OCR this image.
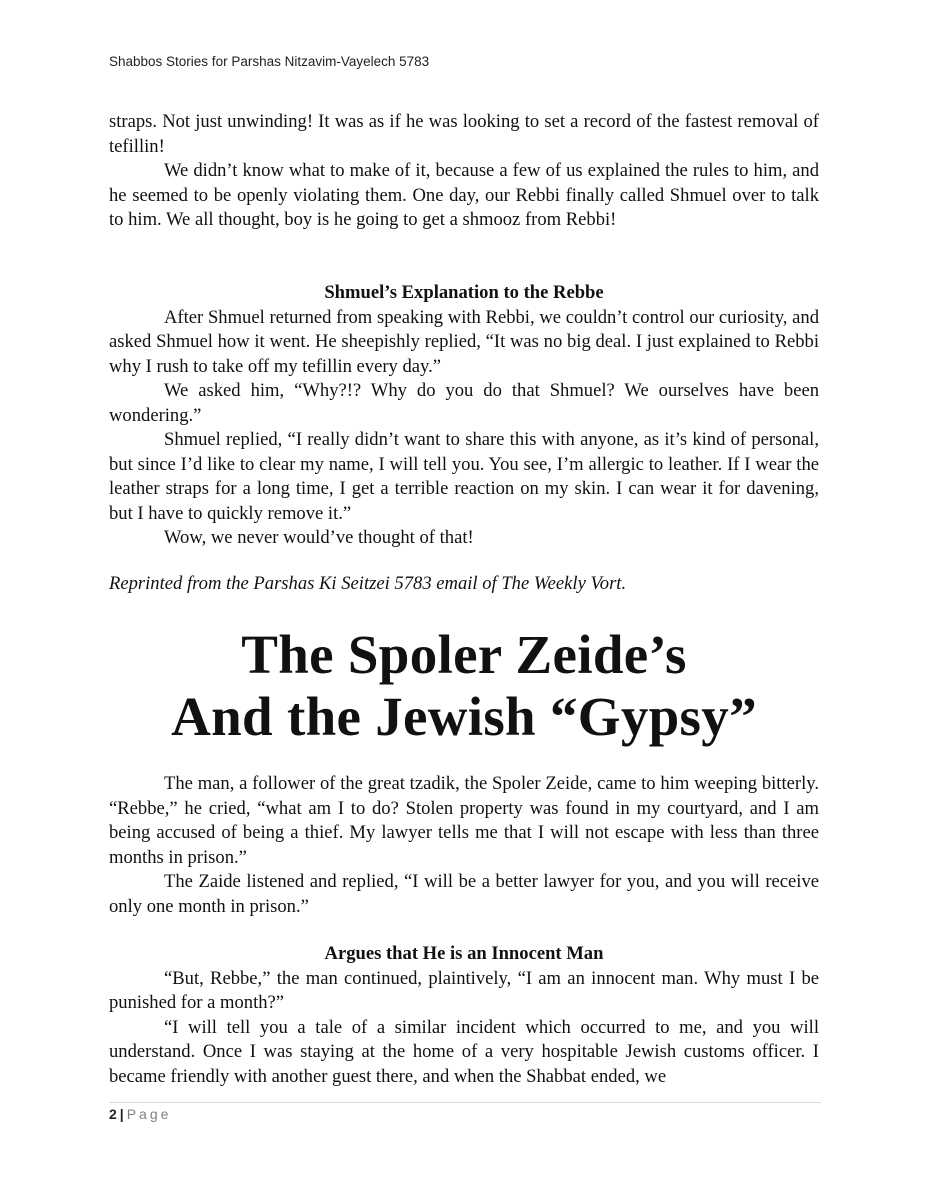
Shabbos Stories for Parshas Nitzavim-Vayelech 5783

straps. Not just unwinding! It was as if he was looking to set a record of the fastest removal of tefillin!

We didn’t know what to make of it, because a few of us explained the rules to him, and he seemed to be openly violating them. One day, our Rebbi finally called Shmuel over to talk to him. We all thought, boy is he going to get a shmooz from Rebbi!

Shmuel’s Explanation to the Rebbe

After Shmuel returned from speaking with Rebbi, we couldn’t control our curiosity, and asked Shmuel how it went. He sheepishly replied, “It was no big deal. I just explained to Rebbi why I rush to take off my tefillin every day.”

We asked him, “Why?!? Why do you do that Shmuel? We ourselves have been wondering.”

Shmuel replied, “I really didn’t want to share this with anyone, as it’s kind of personal, but since I’d like to clear my name, I will tell you. You see, I’m allergic to leather. If I wear the leather straps for a long time, I get a terrible reaction on my skin. I can wear it for davening, but I have to quickly remove it.”

Wow, we never would’ve thought of that!

Reprinted from the Parshas Ki Seitzei 5783 email of The Weekly Vort.

The Spoler Zeide’s

And the Jewish “Gypsy”

The man, a follower of the great tzadik, the Spoler Zeide, came to him weeping bitterly. “Rebbe,” he cried, “what am I to do? Stolen property was found in my courtyard, and I am being accused of being a thief. My lawyer tells me that I will not escape with less than three months in prison.”

The Zaide listened and replied, “I will be a better lawyer for you, and you will receive only one month in prison.”

Argues that He is an Innocent Man

“But, Rebbe,” the man continued, plaintively, “I am an innocent man. Why must I be punished for a month?”

“I will tell you a tale of a similar incident which occurred to me, and you will understand. Once I was staying at the home of a very hospitable Jewish customs officer. I became friendly with another guest there, and when the Shabbat ended, we

2 | Page
